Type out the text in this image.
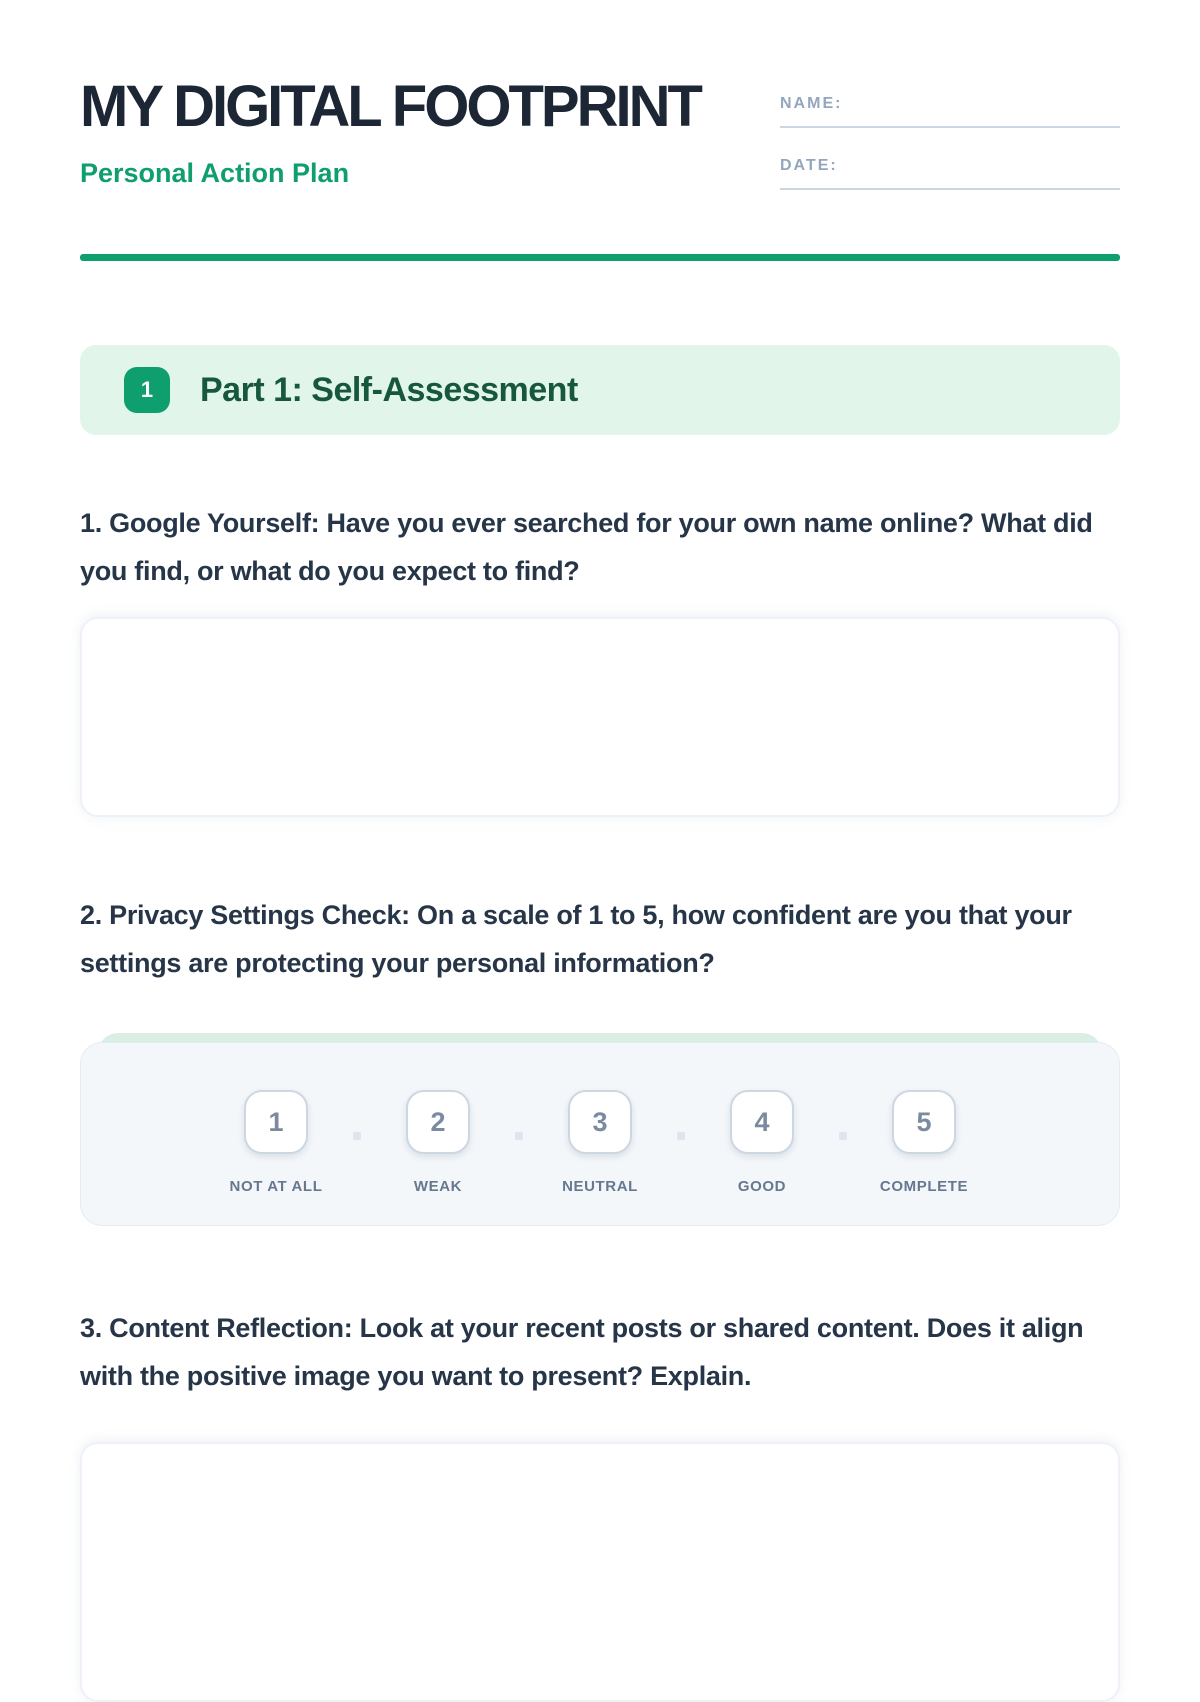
MY DIGITAL FOOTPRINT
Personal Action Plan
NAME:
DATE:
1	Part 1: Self-Assessment
1. Google Yourself: Have you ever searched for your own name online? What did you find, or what do you expect to find?
2. Privacy Settings Check: On a scale of 1 to 5, how confident are you that your settings are protecting your personal information?
1	2	3	4	5
NOT AT ALL	WEAK	NEUTRAL	GOOD	COMPLETE
3. Content Reflection: Look at your recent posts or shared content. Does it align with the positive image you want to present? Explain.
